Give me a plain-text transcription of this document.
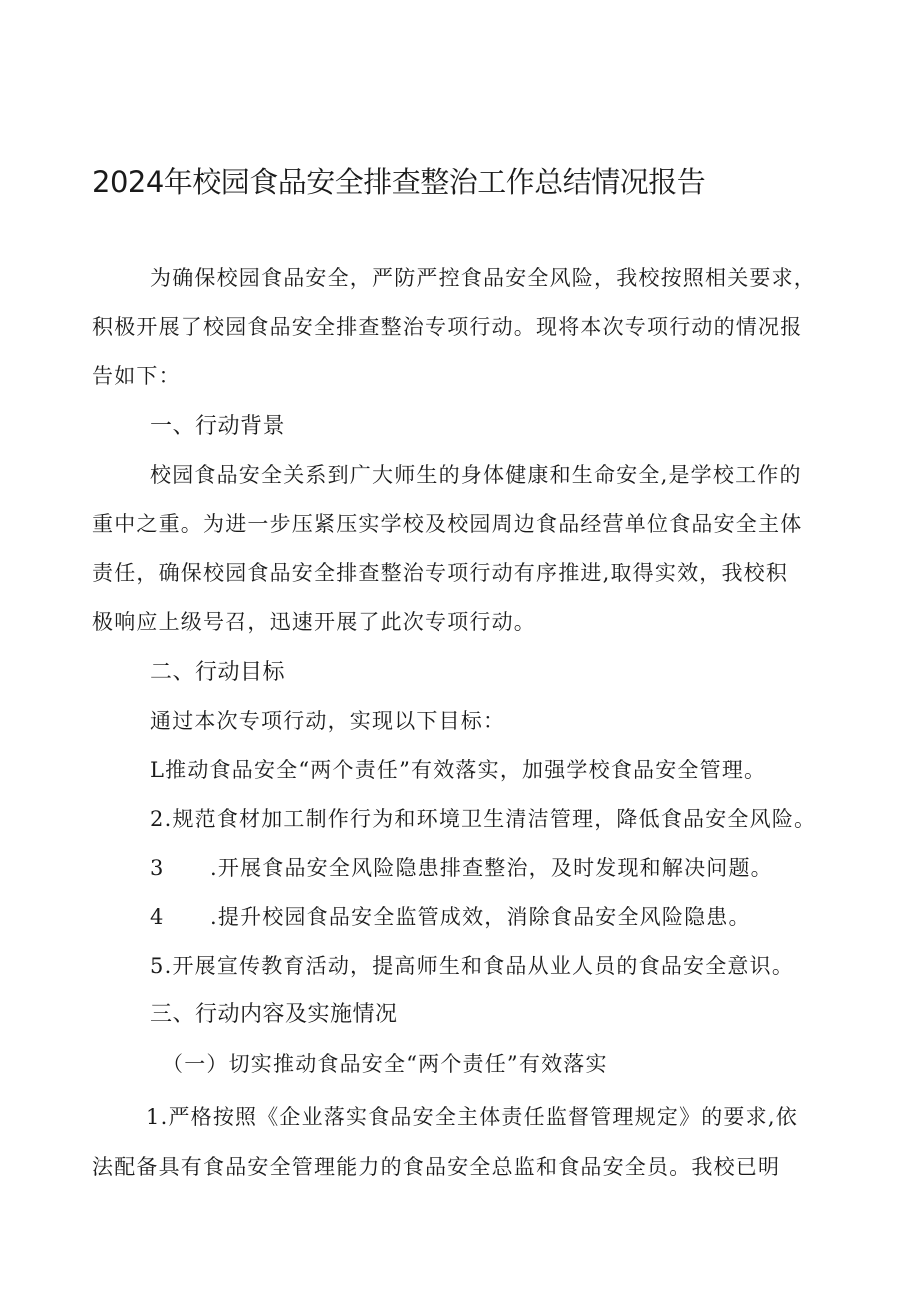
2024年校园食品安全排查整治工作总结情况报告
为确保校园食品安全，严防严控食品安全风险，我校按照相关要求，
积极开展了校园食品安全排查整治专项行动。现将本次专项行动的情况报
告如下：
一、行动背景
校园食品安全关系到广大师生的身体健康和生命安全,是学校工作的
重中之重。为进一步压紧压实学校及校园周边食品经营单位食品安全主体
责任，确保校园食品安全排查整治专项行动有序推进,取得实效，我校积
极响应上级号召，迅速开展了此次专项行动。
二、行动目标
通过本次专项行动，实现以下目标：
L推动食品安全“两个责任”有效落实，加强学校食品安全管理。
2.规范食材加工制作行为和环境卫生清洁管理，降低食品安全风险。
3 .开展食品安全风险隐患排查整治，及时发现和解决问题。
4 .提升校园食品安全监管成效，消除食品安全风险隐患。
5.开展宣传教育活动，提高师生和食品从业人员的食品安全意识。
三、行动内容及实施情况
（一）切实推动食品安全“两个责任”有效落实
1.严格按照《企业落实食品安全主体责任监督管理规定》的要求,依
法配备具有食品安全管理能力的食品安全总监和食品安全员。我校已明
